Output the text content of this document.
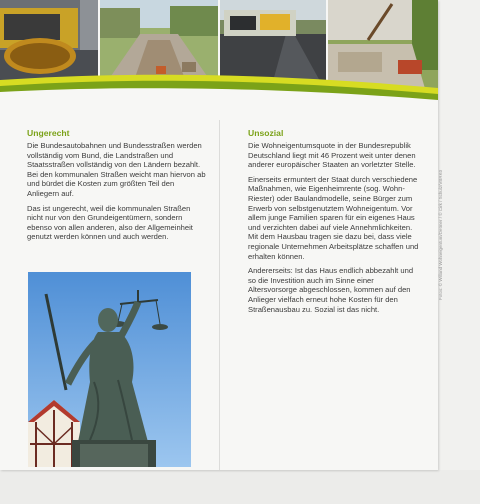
Ungerecht

Die Bundesautobahnen und Bundesstraßen werden vollständig vom Bund, die Landstraßen und Staatsstraßen vollständig von den Ländern bezahlt. Bei den kommunalen Straßen weicht man hiervon ab und bürdet die Kosten zum größten Teil den Anliegern auf.

Das ist ungerecht, weil die kommunalen Straßen nicht nur von den Grundeigentümern, sondern ebenso von allen anderen, also der Allgemeinheit genutzt werden können und auch werden.

Unsozial

Die Wohneigentumsquote in der Bundesrepublik Deutschland liegt mit 46 Prozent weit unter denen anderer europäischer Staaten an vorletzter Stelle.

Einerseits ermuntert der Staat durch verschiedene Maßnahmen, wie Eigenheimrente (sog. Wohn-Riester) oder Baulandmodelle, seine Bürger zum Erwerb von selbstgenutztem Wohneigentum. Vor allem junge Familien sparen für ein eigenes Haus und verzichten dabei auf viele Annehmlichkeiten. Mit dem Hausbau tragen sie dazu bei, dass viele regionale Unternehmen Arbeitsplätze schaffen und erhalten können.

Andererseits: Ist das Haus endlich abbezahlt und so die Investition auch im Sinne einer Altersvorsorge abgeschlossen, kommen auf den Anlieger vielfach erneut hohe Kosten für den Straßenausbau zu. Sozial ist das nicht.

Fotos: © Willand Wohneigentum/Detmer / © Cirk / Schulz/VBRK0
